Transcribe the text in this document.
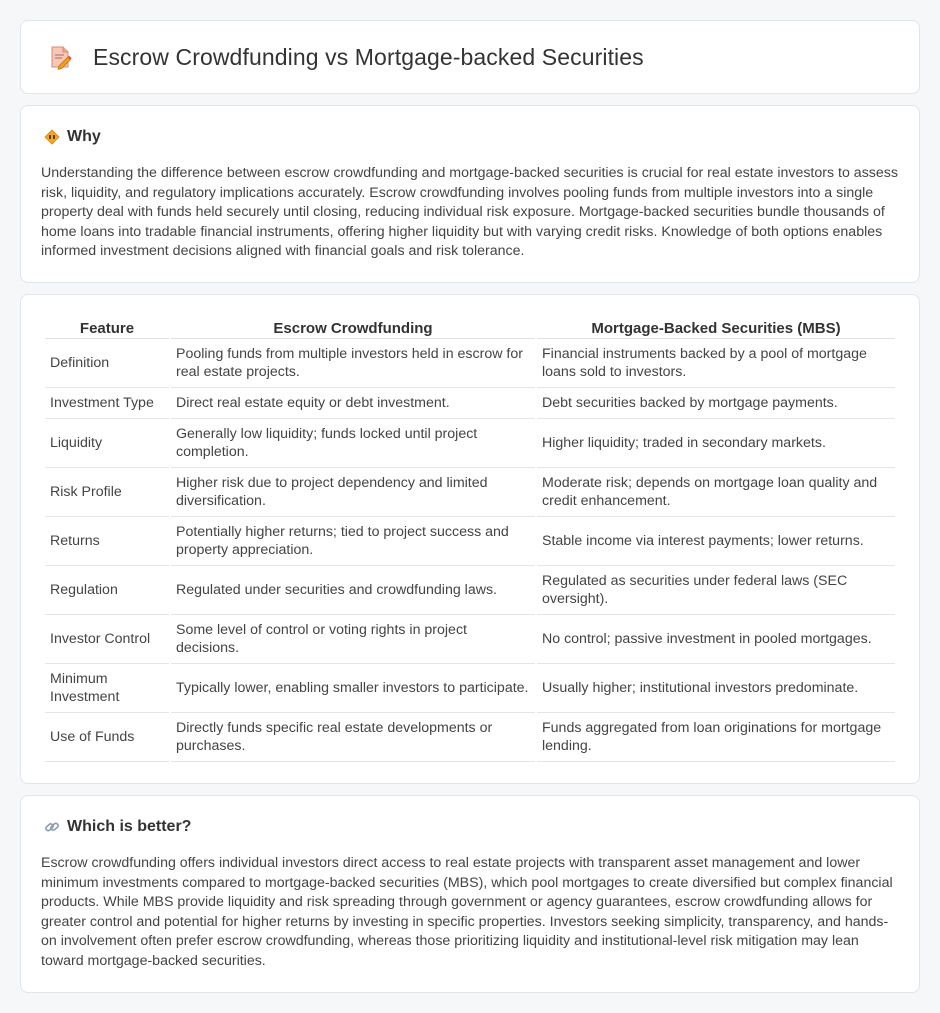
Escrow Crowdfunding vs Mortgage-backed Securities
Why

Understanding the difference between escrow crowdfunding and mortgage-backed securities is crucial for real estate investors to assess risk, liquidity, and regulatory implications accurately. Escrow crowdfunding involves pooling funds from multiple investors into a single property deal with funds held securely until closing, reducing individual risk exposure. Mortgage-backed securities bundle thousands of home loans into tradable financial instruments, offering higher liquidity but with varying credit risks. Knowledge of both options enables informed investment decisions aligned with financial goals and risk tolerance.

Feature	Escrow Crowdfunding	Mortgage-Backed Securities (MBS)
Definition	Pooling funds from multiple investors held in escrow for real estate projects.	Financial instruments backed by a pool of mortgage loans sold to investors.
Investment Type	Direct real estate equity or debt investment.	Debt securities backed by mortgage payments.
Liquidity	Generally low liquidity; funds locked until project completion.	Higher liquidity; traded in secondary markets.
Risk Profile	Higher risk due to project dependency and limited diversification.	Moderate risk; depends on mortgage loan quality and credit enhancement.
Returns	Potentially higher returns; tied to project success and property appreciation.	Stable income via interest payments; lower returns.
Regulation	Regulated under securities and crowdfunding laws.	Regulated as securities under federal laws (SEC oversight).
Investor Control	Some level of control or voting rights in project decisions.	No control; passive investment in pooled mortgages.
Minimum Investment	Typically lower, enabling smaller investors to participate.	Usually higher; institutional investors predominate.
Use of Funds	Directly funds specific real estate developments or purchases.	Funds aggregated from loan originations for mortgage lending.
Which is better?

Escrow crowdfunding offers individual investors direct access to real estate projects with transparent asset management and lower minimum investments compared to mortgage-backed securities (MBS), which pool mortgages to create diversified but complex financial products. While MBS provide liquidity and risk spreading through government or agency guarantees, escrow crowdfunding allows for greater control and potential for higher returns by investing in specific properties. Investors seeking simplicity, transparency, and hands-on involvement often prefer escrow crowdfunding, whereas those prioritizing liquidity and institutional-level risk mitigation may lean toward mortgage-backed securities.
